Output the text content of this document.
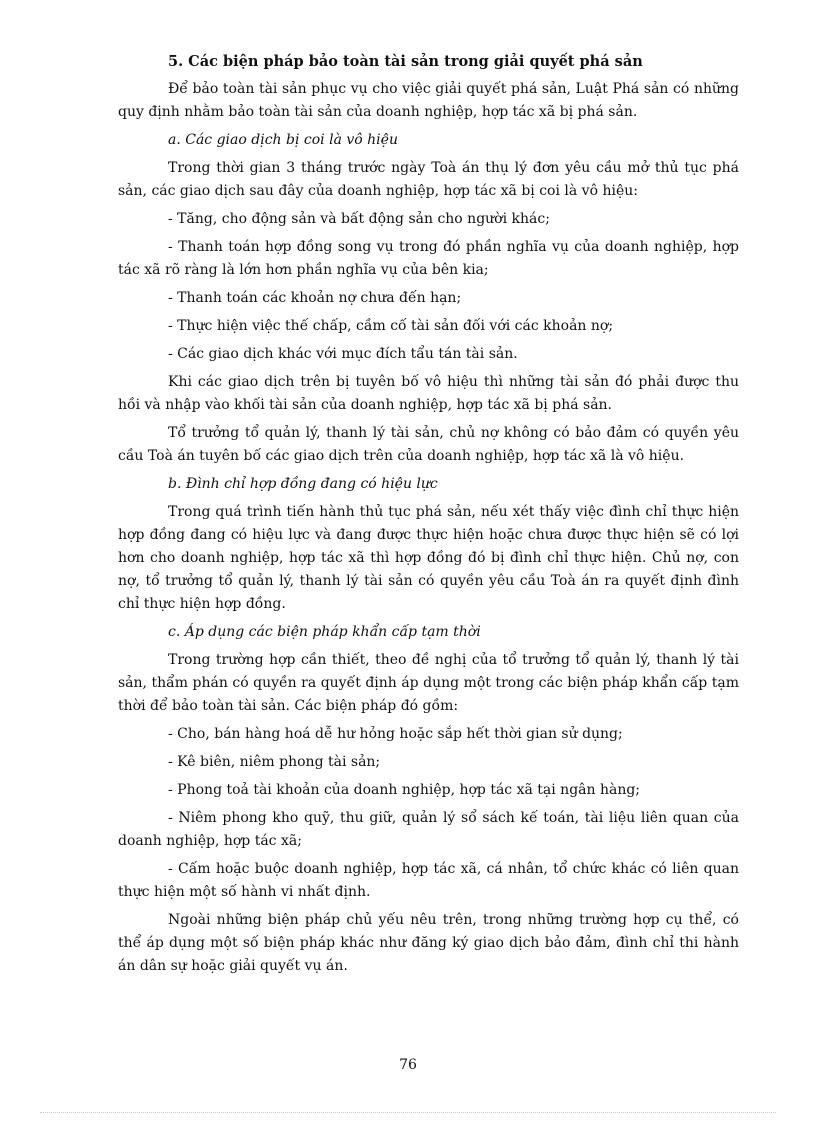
5. Các biện pháp bảo toàn tài sản trong giải quyết phá sản
Để bảo toàn tài sản phục vụ cho việc giải quyết phá sản, Luật Phá sản có những quy định nhằm bảo toàn tài sản của doanh nghiệp, hợp tác xã bị phá sản.
a. Các giao dịch bị coi là vô hiệu
Trong thời gian 3 tháng trước ngày Toà án thụ lý đơn yêu cầu mở thủ tục phá sản, các giao dịch sau đây của doanh nghiệp, hợp tác xã bị coi là vô hiệu:
- Tăng, cho động sản và bất động sản cho người khác;
- Thanh toán hợp đồng song vụ trong đó phần nghĩa vụ của doanh nghiệp, hợp tác xã rõ ràng là lớn hơn phần nghĩa vụ của bên kia;
- Thanh toán các khoản nợ chưa đến hạn;
- Thực hiện việc thế chấp, cầm cố tài sản đối với các khoản nợ;
- Các giao dịch khác với mục đích tẩu tán tài sản.
Khi các giao dịch trên bị tuyên bố vô hiệu thì những tài sản đó phải được thu hồi và nhập vào khối tài sản của doanh nghiệp, hợp tác xã bị phá sản.
Tổ trưởng tổ quản lý, thanh lý tài sản, chủ nợ không có bảo đảm có quyền yêu cầu Toà án tuyên bố các giao dịch trên của doanh nghiệp, hợp tác xã là vô hiệu.
b. Đình chỉ hợp đồng đang có hiệu lực
Trong quá trình tiến hành thủ tục phá sản, nếu xét thấy việc đình chỉ thực hiện hợp đồng đang có hiệu lực và đang được thực hiện hoặc chưa được thực hiện sẽ có lợi hơn cho doanh nghiệp, hợp tác xã thì hợp đồng đó bị đình chỉ thực hiện. Chủ nợ, con nợ, tổ trưởng tổ quản lý, thanh lý tài sản có quyền yêu cầu Toà án ra quyết định đình chỉ thực hiện hợp đồng.
c. Áp dụng các biện pháp khẩn cấp tạm thời
Trong trường hợp cần thiết, theo đề nghị của tổ trưởng tổ quản lý, thanh lý tài sản, thẩm phán có quyền ra quyết định áp dụng một trong các biện pháp khẩn cấp tạm thời để bảo toàn tài sản. Các biện pháp đó gồm:
- Cho, bán hàng hoá dễ hư hỏng hoặc sắp hết thời gian sử dụng;
- Kê biên, niêm phong tài sản;
- Phong toả tài khoản của doanh nghiệp, hợp tác xã tại ngân hàng;
- Niêm phong kho quỹ, thu giữ, quản lý sổ sách kế toán, tài liệu liên quan của doanh nghiệp, hợp tác xã;
- Cấm hoặc buộc doanh nghiệp, hợp tác xã, cá nhân, tổ chức khác có liên quan thực hiện một số hành vi nhất định.
Ngoài những biện pháp chủ yếu nêu trên, trong những trường hợp cụ thể, có thể áp dụng một số biện pháp khác như đăng ký giao dịch bảo đảm, đình chỉ thi hành án dân sự hoặc giải quyết vụ án.
76
